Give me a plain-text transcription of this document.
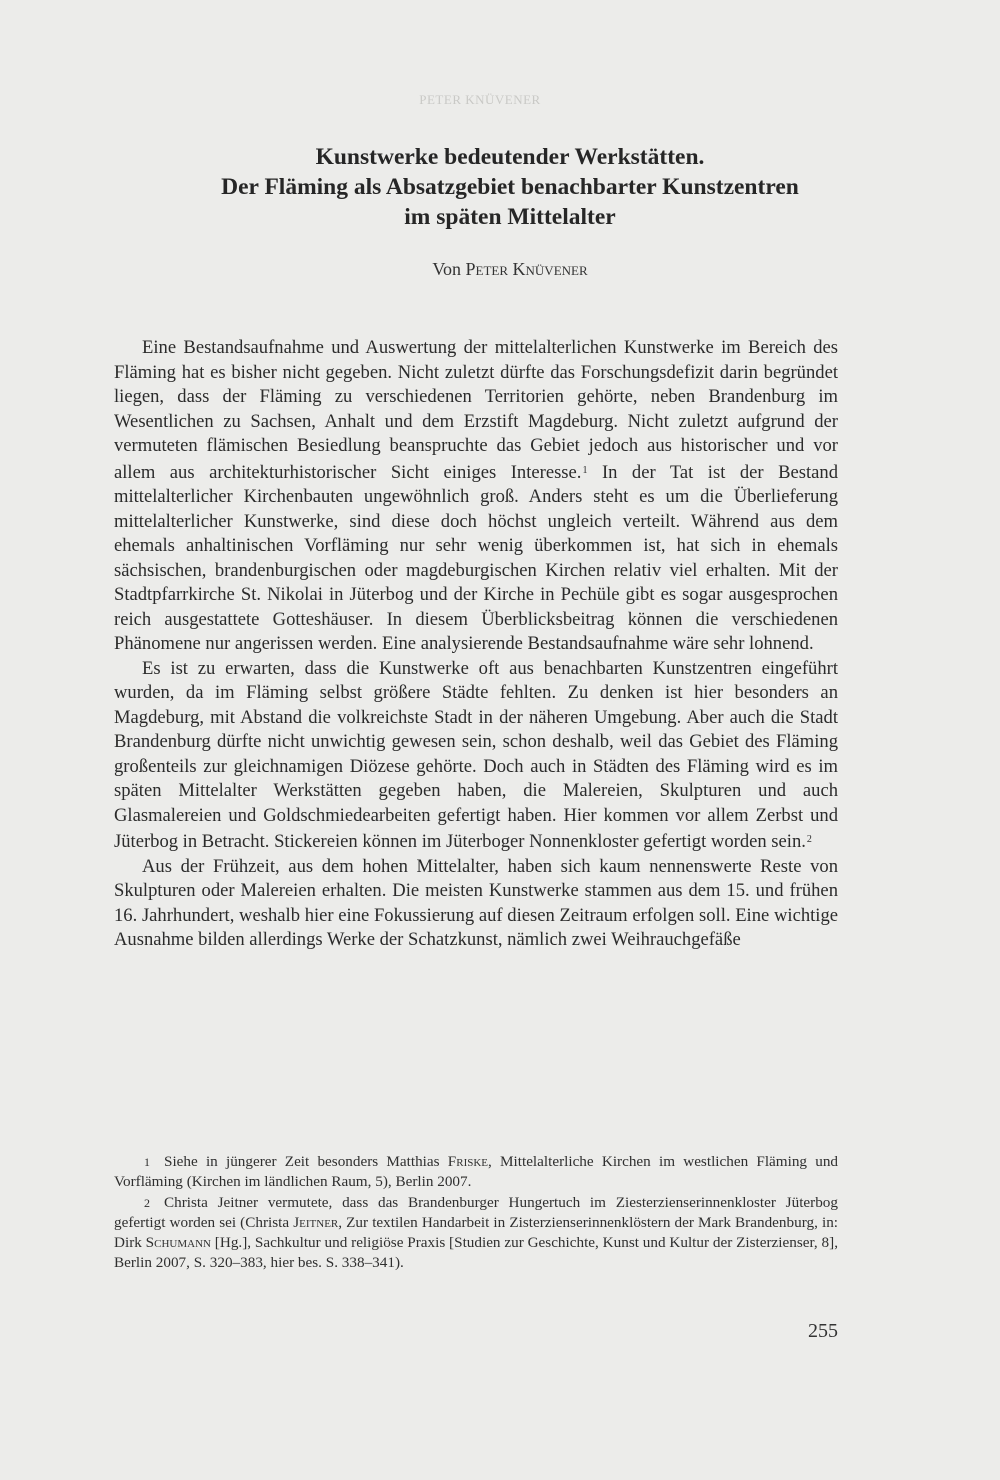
PETER KNÜVENER
Kunstwerke bedeutender Werkstätten.
Der Fläming als Absatzgebiet benachbarter Kunstzentren
im späten Mittelalter
Von Peter Knüvener

Eine Bestandsaufnahme und Auswertung der mittelalterlichen Kunstwerke im Bereich des Fläming hat es bisher nicht gegeben. Nicht zuletzt dürfte das Forschungsdefizit darin begründet liegen, dass der Fläming zu verschiedenen Territorien gehörte, neben Brandenburg im Wesentlichen zu Sachsen, Anhalt und dem Erzstift Magdeburg. Nicht zuletzt aufgrund der vermuteten flämischen Besiedlung beanspruchte das Gebiet jedoch aus historischer und vor allem aus architekturhistorischer Sicht einiges Interesse.$^1$ In der Tat ist der Bestand mittelalterlicher Kirchenbauten ungewöhnlich groß. Anders steht es um die Überlieferung mittelalterlicher Kunstwerke, sind diese doch höchst ungleich verteilt. Während aus dem ehemals anhaltinischen Vorfläming nur sehr wenig überkommen ist, hat sich in ehemals sächsischen, brandenburgischen oder magdeburgischen Kirchen relativ viel erhalten. Mit der Stadtpfarrkirche St. Nikolai in Jüterbog und der Kirche in Pechüle gibt es sogar ausgesprochen reich ausgestattete Gotteshäuser. In diesem Überblicksbeitrag können die verschiedenen Phänomene nur angerissen werden. Eine analysierende Bestandsaufnahme wäre sehr lohnend.

Es ist zu erwarten, dass die Kunstwerke oft aus benachbarten Kunstzentren eingeführt wurden, da im Fläming selbst größere Städte fehlten. Zu denken ist hier besonders an Magdeburg, mit Abstand die volkreichste Stadt in der näheren Umgebung. Aber auch die Stadt Brandenburg dürfte nicht unwichtig gewesen sein, schon deshalb, weil das Gebiet des Fläming großenteils zur gleichnamigen Diözese gehörte. Doch auch in Städten des Fläming wird es im späten Mittelalter Werkstätten gegeben haben, die Malereien, Skulpturen und auch Glasmalereien und Goldschmiedearbeiten gefertigt haben. Hier kommen vor allem Zerbst und Jüterbog in Betracht. Stickereien können im Jüterboger Nonnenkloster gefertigt worden sein.$^2$

Aus der Frühzeit, aus dem hohen Mittelalter, haben sich kaum nennenswerte Reste von Skulpturen oder Malereien erhalten. Die meisten Kunstwerke stammen aus dem 15. und frühen 16. Jahrhundert, weshalb hier eine Fokussierung auf diesen Zeitraum erfolgen soll. Eine wichtige Ausnahme bilden allerdings Werke der Schatzkunst, nämlich zwei Weihrauchgefäße

1 Siehe in jüngerer Zeit besonders Matthias Friske, Mittelalterliche Kirchen im westlichen Fläming und Vorfläming (Kirchen im ländlichen Raum, 5), Berlin 2007.

2 Christa Jeitner vermutete, dass das Brandenburger Hungertuch im Ziesterzienserinnenkloster Jüterbog gefertigt worden sei (Christa Jeitner, Zur textilen Handarbeit in Zisterzienserinnenklöstern der Mark Brandenburg, in: Dirk Schumann [Hg.], Sachkultur und religiöse Praxis [Studien zur Geschichte, Kunst und Kultur der Zisterzienser, 8], Berlin 2007, S. 320–383, hier bes. S. 338–341).

255
